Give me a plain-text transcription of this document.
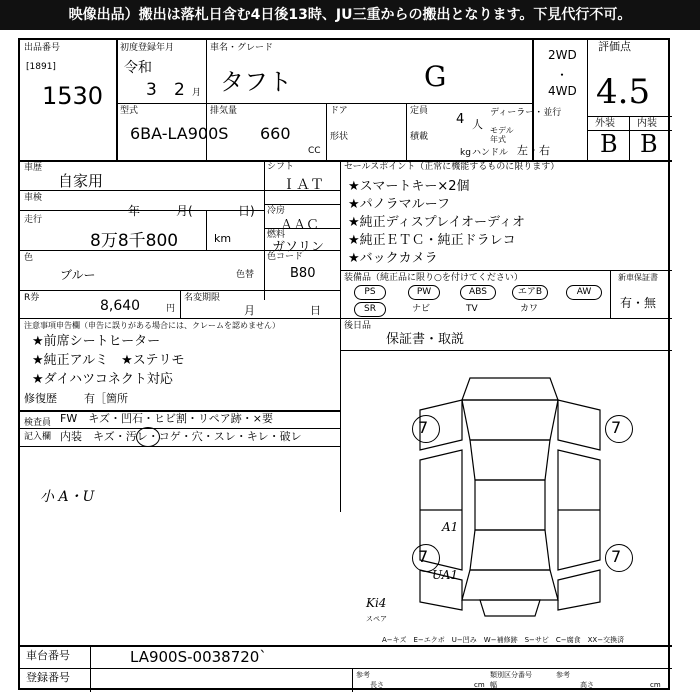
映像出品）搬出は落札日含む4日後13時、JU三重からの搬出となります。下見代行不可。
出品番号
[1891]
1530
初度登録年月
令和
3 2 月
車名・グレード
タフト	G
2WD
・
4WD
評価点
4.5
外装 内装
B B
型式
6BA-LA900S
排気量
660
CC
ドア
形状
定員
4 人
積載
kg
ディーラー・並行
モデル
年式
ハンドル 左・右
車歴
自家用
車検
年	月(	日)
走行
8万8千800	km
シフト
ＩＡＴ
冷房
ＡＡＣ
燃料
ガソリン
色
ブルー	色替
色コード
B80
R券	8,640	円
名変期限
月	日
セールスポイント（正常に機能するものに限ります）
★スマートキー×2個
★パノラマルーフ
★純正ディスプレイオーディオ
★純正ＥＴＣ・純正ドラレコ
★バックカメラ
装備品（純正品に限り○を付けてください）
PS	PW	ABS	エアB	AW
SR	ナビ	TV	カワ
新車保証書
有・無
後日品
保証書・取説
注意事項申告欄（申告に誤りがある場合には、クレームを認めません）
★前席シートヒーター
★純正アルミ　★ステリモ
★ダイハツコネクト対応
修復歴 有［箇所
検査員
記入欄
FW　キズ・凹石・ヒビ割・リペア跡・×要
内装　キズ・汚レ・コゲ・穴・スレ・キレ・破レ
小 A・U
7	7
7	7
A1
UA1
Ki4
スペア
A−キズ　E−エクボ　U−凹み　W−補修跡　S−サビ　C−腐食　XX−交換済
車台番号	LA900S-0038720`
登録番号	参考	類別区分番号	参考
長さ	cm 幅	高さ	cm
